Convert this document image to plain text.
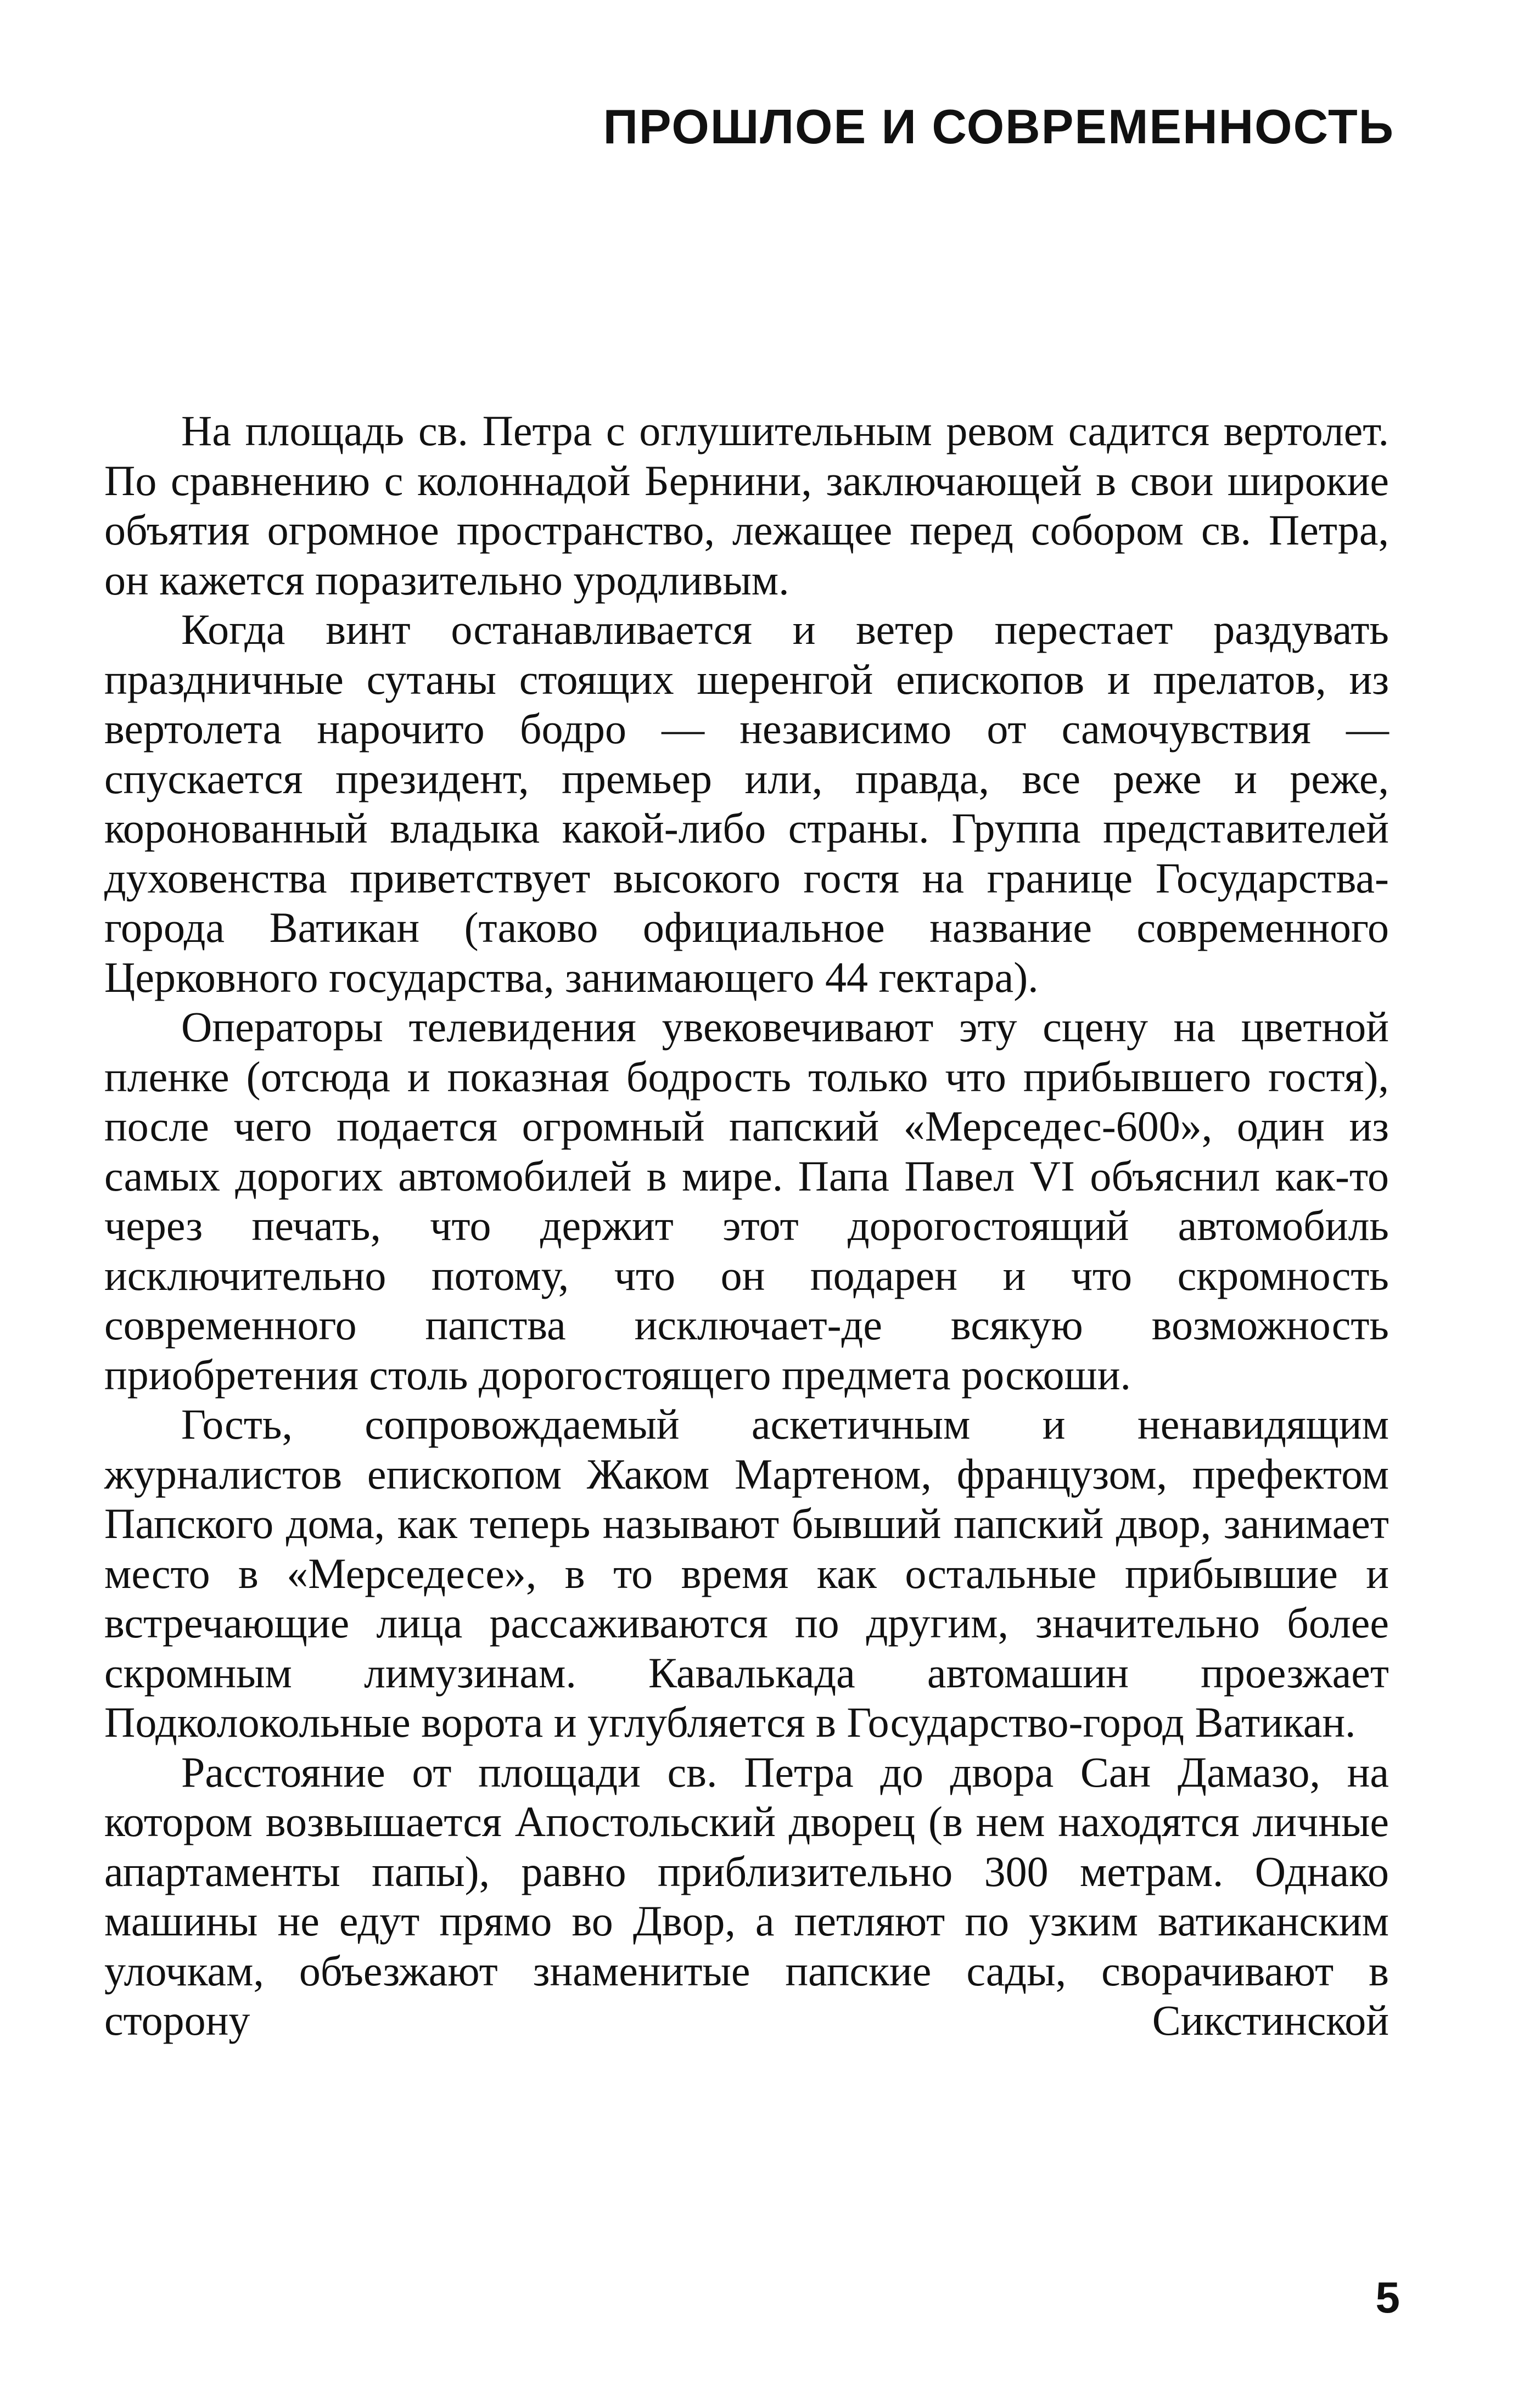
ПРОШЛОЕ И СОВРЕМЕННОСТЬ

На площадь св. Петра с оглушительным ревом садится вертолет. По сравнению с колоннадой Бернини, заключающей в свои широкие объятия огромное пространство, лежащее перед собором св. Петра, он кажется поразительно уродливым.

Когда винт останавливается и ветер перестает раздувать праздничные сутаны стоящих шеренгой епископов и прелатов, из вертолета нарочито бодро — независимо от самочувствия — спускается президент, премьер или, правда, все реже и реже, коронованный владыка какой-либо страны. Группа представителей духовенства приветствует высокого гостя на границе Государства-города Ватикан (таково официальное название современного Церковного государства, занимающего 44 гектара).

Операторы телевидения увековечивают эту сцену на цветной пленке (отсюда и показная бодрость только что прибывшего гостя), после чего подается огромный папский «Мерседес-600», один из самых дорогих автомобилей в мире. Папа Павел VI объяснил как-то через печать, что держит этот дорогостоящий автомобиль исключительно потому, что он подарен и что скромность современного папства исключает-де всякую возможность приобретения столь дорогостоящего предмета роскоши.

Гость, сопровождаемый аскетичным и ненавидящим журналистов епископом Жаком Мартеном, французом, префектом Папского дома, как теперь называют бывший папский двор, занимает место в «Мерседесе», в то время как остальные прибывшие и встречающие лица рассаживаются по другим, значительно более скромным лимузинам. Кавалькада автомашин проезжает Подколокольные ворота и углубляется в Государство-город Ватикан.

Расстояние от площади св. Петра до двора Сан Дамазо, на котором возвышается Апостольский дворец (в нем находятся личные апартаменты папы), равно приблизительно 300 метрам. Однако машины не едут прямо во Двор, а петляют по узким ватиканским улочкам, объезжают знаменитые папские сады, сворачивают в сторону Сикстинской

5
